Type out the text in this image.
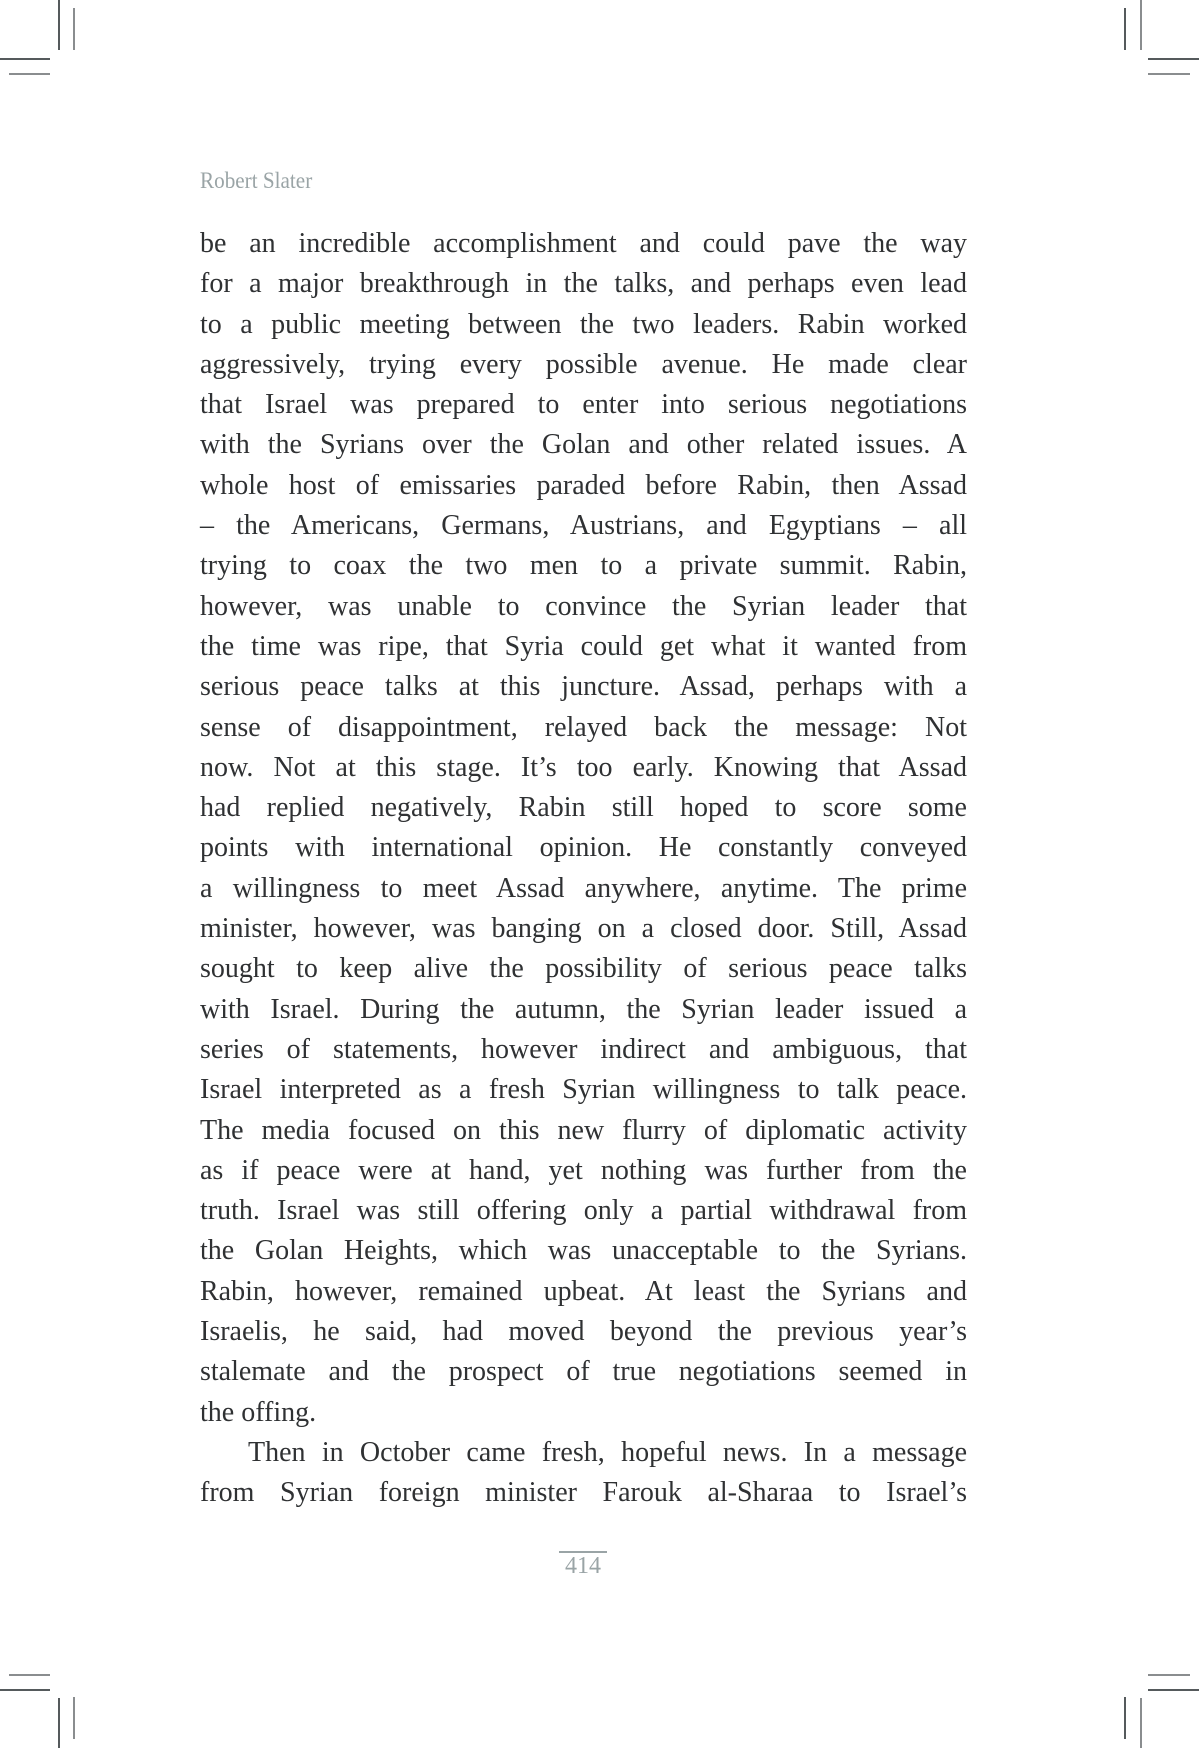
Robert Slater
be an incredible accomplishment and could pave the way
for a major breakthrough in the talks, and perhaps even lead
to a public meeting between the two leaders. Rabin worked
aggressively, trying every possible avenue. He made clear
that Israel was prepared to enter into serious negotiations
with the Syrians over the Golan and other related issues. A
whole host of emissaries paraded before Rabin, then Assad
– the Americans, Germans, Austrians, and Egyptians – all
trying to coax the two men to a private summit. Rabin,
however, was unable to convince the Syrian leader that
the time was ripe, that Syria could get what it wanted from
serious peace talks at this juncture. Assad, perhaps with a
sense of disappointment, relayed back the message: Not
now. Not at this stage. It’s too early. Knowing that Assad
had replied negatively, Rabin still hoped to score some
points with international opinion. He constantly conveyed
a willingness to meet Assad anywhere, anytime. The prime
minister, however, was banging on a closed door. Still, Assad
sought to keep alive the possibility of serious peace talks
with Israel. During the autumn, the Syrian leader issued a
series of statements, however indirect and ambiguous, that
Israel interpreted as a fresh Syrian willingness to talk peace.
The media focused on this new flurry of diplomatic activity
as if peace were at hand, yet nothing was further from the
truth. Israel was still offering only a partial withdrawal from
the Golan Heights, which was unacceptable to the Syrians.
Rabin, however, remained upbeat. At least the Syrians and
Israelis, he said, had moved beyond the previous year’s
stalemate and the prospect of true negotiations seemed in
the offing.
Then in October came fresh, hopeful news. In a message
from Syrian foreign minister Farouk al-Sharaa to Israel’s
414
